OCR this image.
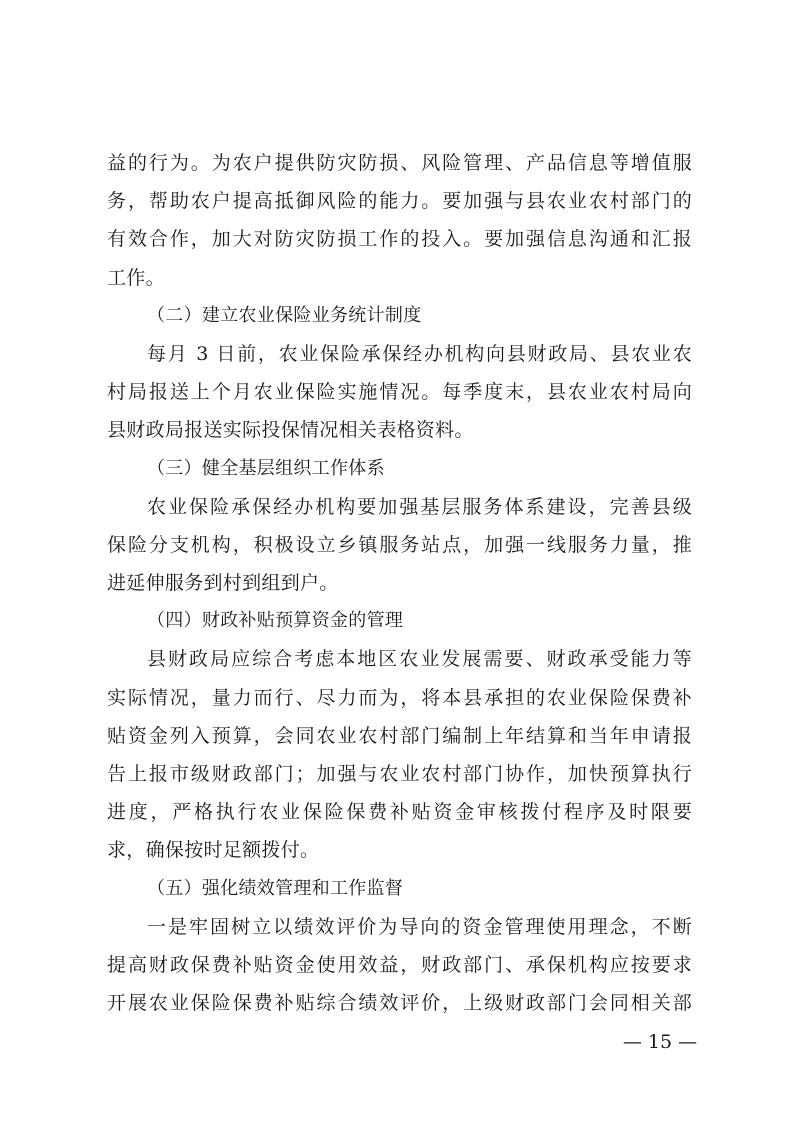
益的行为。为农户提供防灾防损、风险管理、产品信息等增值服
务，帮助农户提高抵御风险的能力。要加强与县农业农村部门的
有效合作，加大对防灾防损工作的投入。要加强信息沟通和汇报
工作。
（二）建立农业保险业务统计制度
每月 3 日前，农业保险承保经办机构向县财政局、县农业农
村局报送上个月农业保险实施情况。每季度末，县农业农村局向
县财政局报送实际投保情况相关表格资料。
（三）健全基层组织工作体系
农业保险承保经办机构要加强基层服务体系建设，完善县级
保险分支机构，积极设立乡镇服务站点，加强一线服务力量，推
进延伸服务到村到组到户。
（四）财政补贴预算资金的管理
县财政局应综合考虑本地区农业发展需要、财政承受能力等
实际情况，量力而行、尽力而为，将本县承担的农业保险保费补
贴资金列入预算，会同农业农村部门编制上年结算和当年申请报
告上报市级财政部门；加强与农业农村部门协作，加快预算执行
进度，严格执行农业保险保费补贴资金审核拨付程序及时限要
求，确保按时足额拨付。
（五）强化绩效管理和工作监督
一是牢固树立以绩效评价为导向的资金管理使用理念，不断
提高财政保费补贴资金使用效益，财政部门、承保机构应按要求
开展农业保险保费补贴综合绩效评价，上级财政部门会同相关部
— 15 —
